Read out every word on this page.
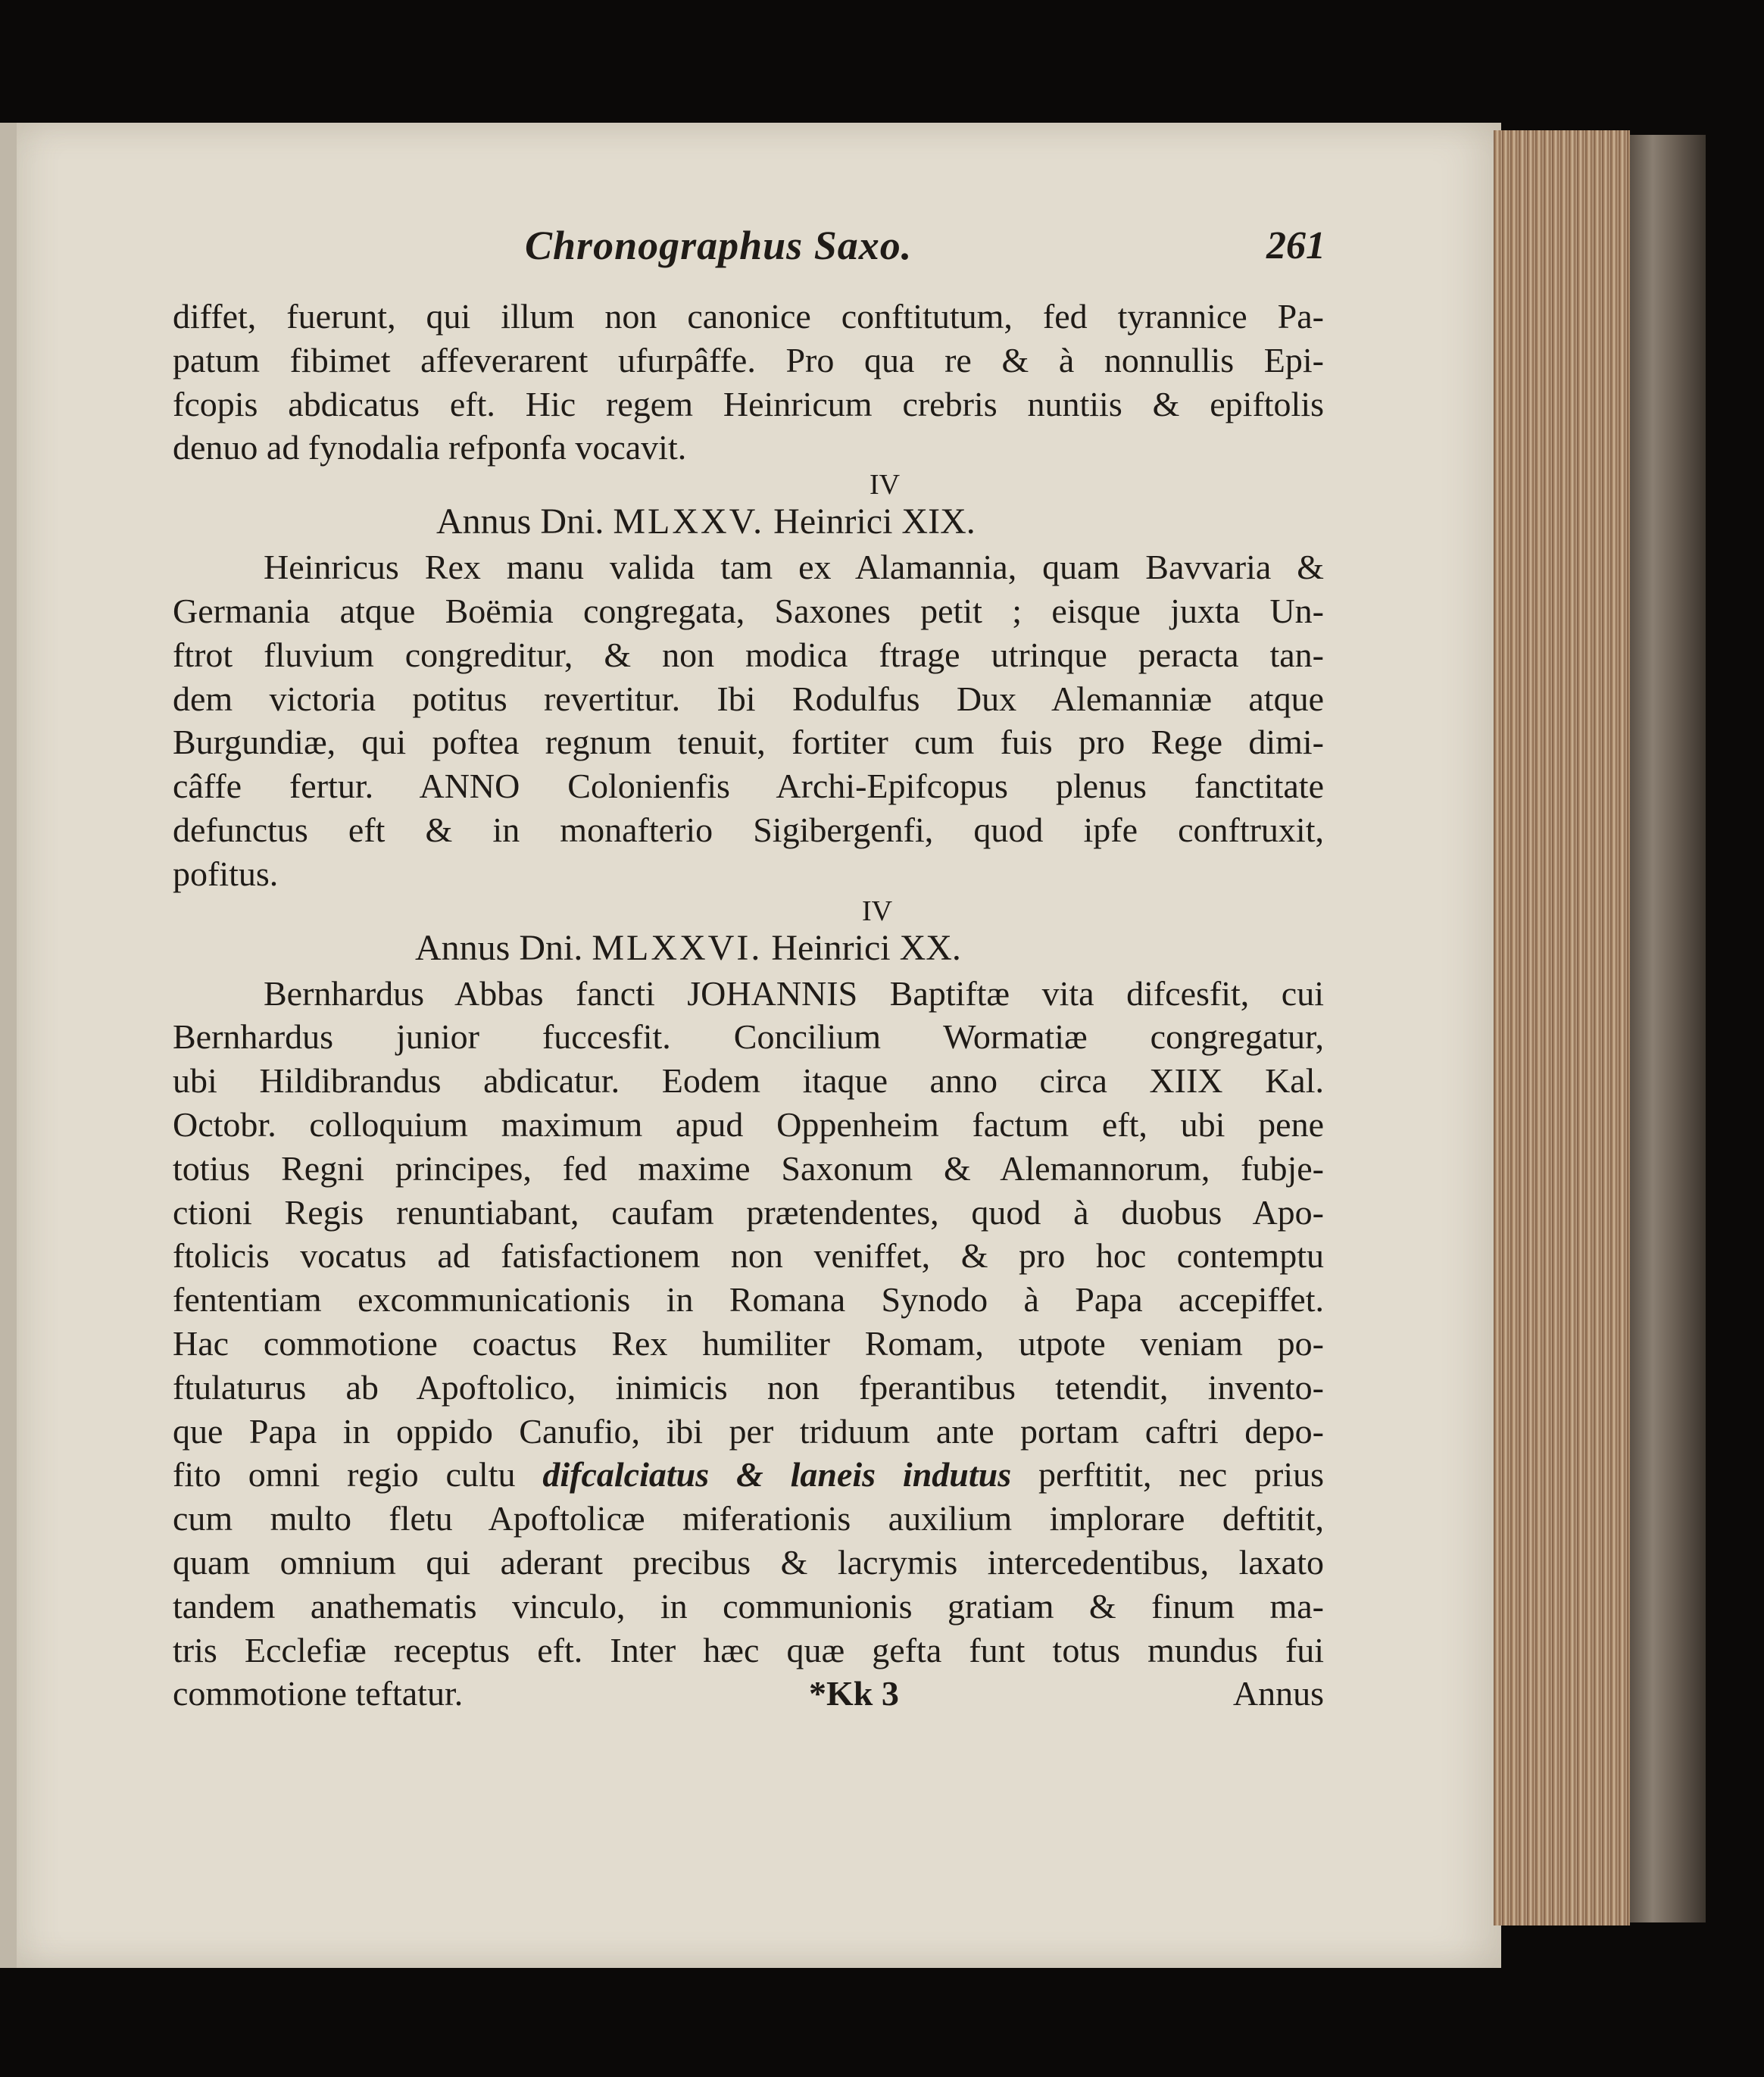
Chronographus Saxo.	261
diffet, fuerunt, qui illum non canonice conftitutum, fed tyrannice Pa-
patum fibimet affeverarent ufurpâffe. Pro qua re & à nonnullis Epi-
fcopis abdicatus eft. Hic regem Heinricum crebris nuntiis & epiftolis
denuo ad fynodalia refponfa vocavit.
IV
Annus Dni. MLXXV. Heinrici XIX.
Heinricus Rex manu valida tam ex Alamannia, quam Bavvaria &
Germania atque Boëmia congregata, Saxones petit ; eisque juxta Un-
ftrot fluvium congreditur, & non modica ftrage utrinque peracta tan-
dem victoria potitus revertitur. Ibi Rodulfus Dux Alemanniæ atque
Burgundiæ, qui poftea regnum tenuit, fortiter cum fuis pro Rege dimi-
câffe fertur. ANNO Colonienfis Archi-Epifcopus plenus fanctitate
defunctus eft & in monafterio Sigibergenfi, quod ipfe conftruxit,
pofitus.
IV
Annus Dni. MLXXVI. Heinrici XX.
Bernhardus Abbas fancti JOHANNIS Baptiftæ vita difcesfit, cui
Bernhardus junior fuccesfit. Concilium Wormatiæ congregatur,
ubi Hildibrandus abdicatur. Eodem itaque anno circa XIIX Kal.
Octobr. colloquium maximum apud Oppenheim factum eft, ubi pene
totius Regni principes, fed maxime Saxonum & Alemannorum, fubje-
ctioni Regis renuntiabant, caufam prætendentes, quod à duobus Apo-
ftolicis vocatus ad fatisfactionem non veniffet, & pro hoc contemptu
fententiam excommunicationis in Romana Synodo à Papa accepiffet.
Hac commotione coactus Rex humiliter Romam, utpote veniam po-
ftulaturus ab Apoftolico, inimicis non fperantibus tetendit, invento-
que Papa in oppido Canufio, ibi per triduum ante portam caftri depo-
fito omni regio cultu difcalciatus & laneis indutus perftitit, nec prius
cum multo fletu Apoftolicæ miferationis auxilium implorare deftitit,
quam omnium qui aderant precibus & lacrymis intercedentibus, laxato
tandem anathematis vinculo, in communionis gratiam & finum ma-
tris Ecclefiæ receptus eft. Inter hæc quæ gefta funt totus mundus fui
commotione teftatur.	*Kk 3	Annus
